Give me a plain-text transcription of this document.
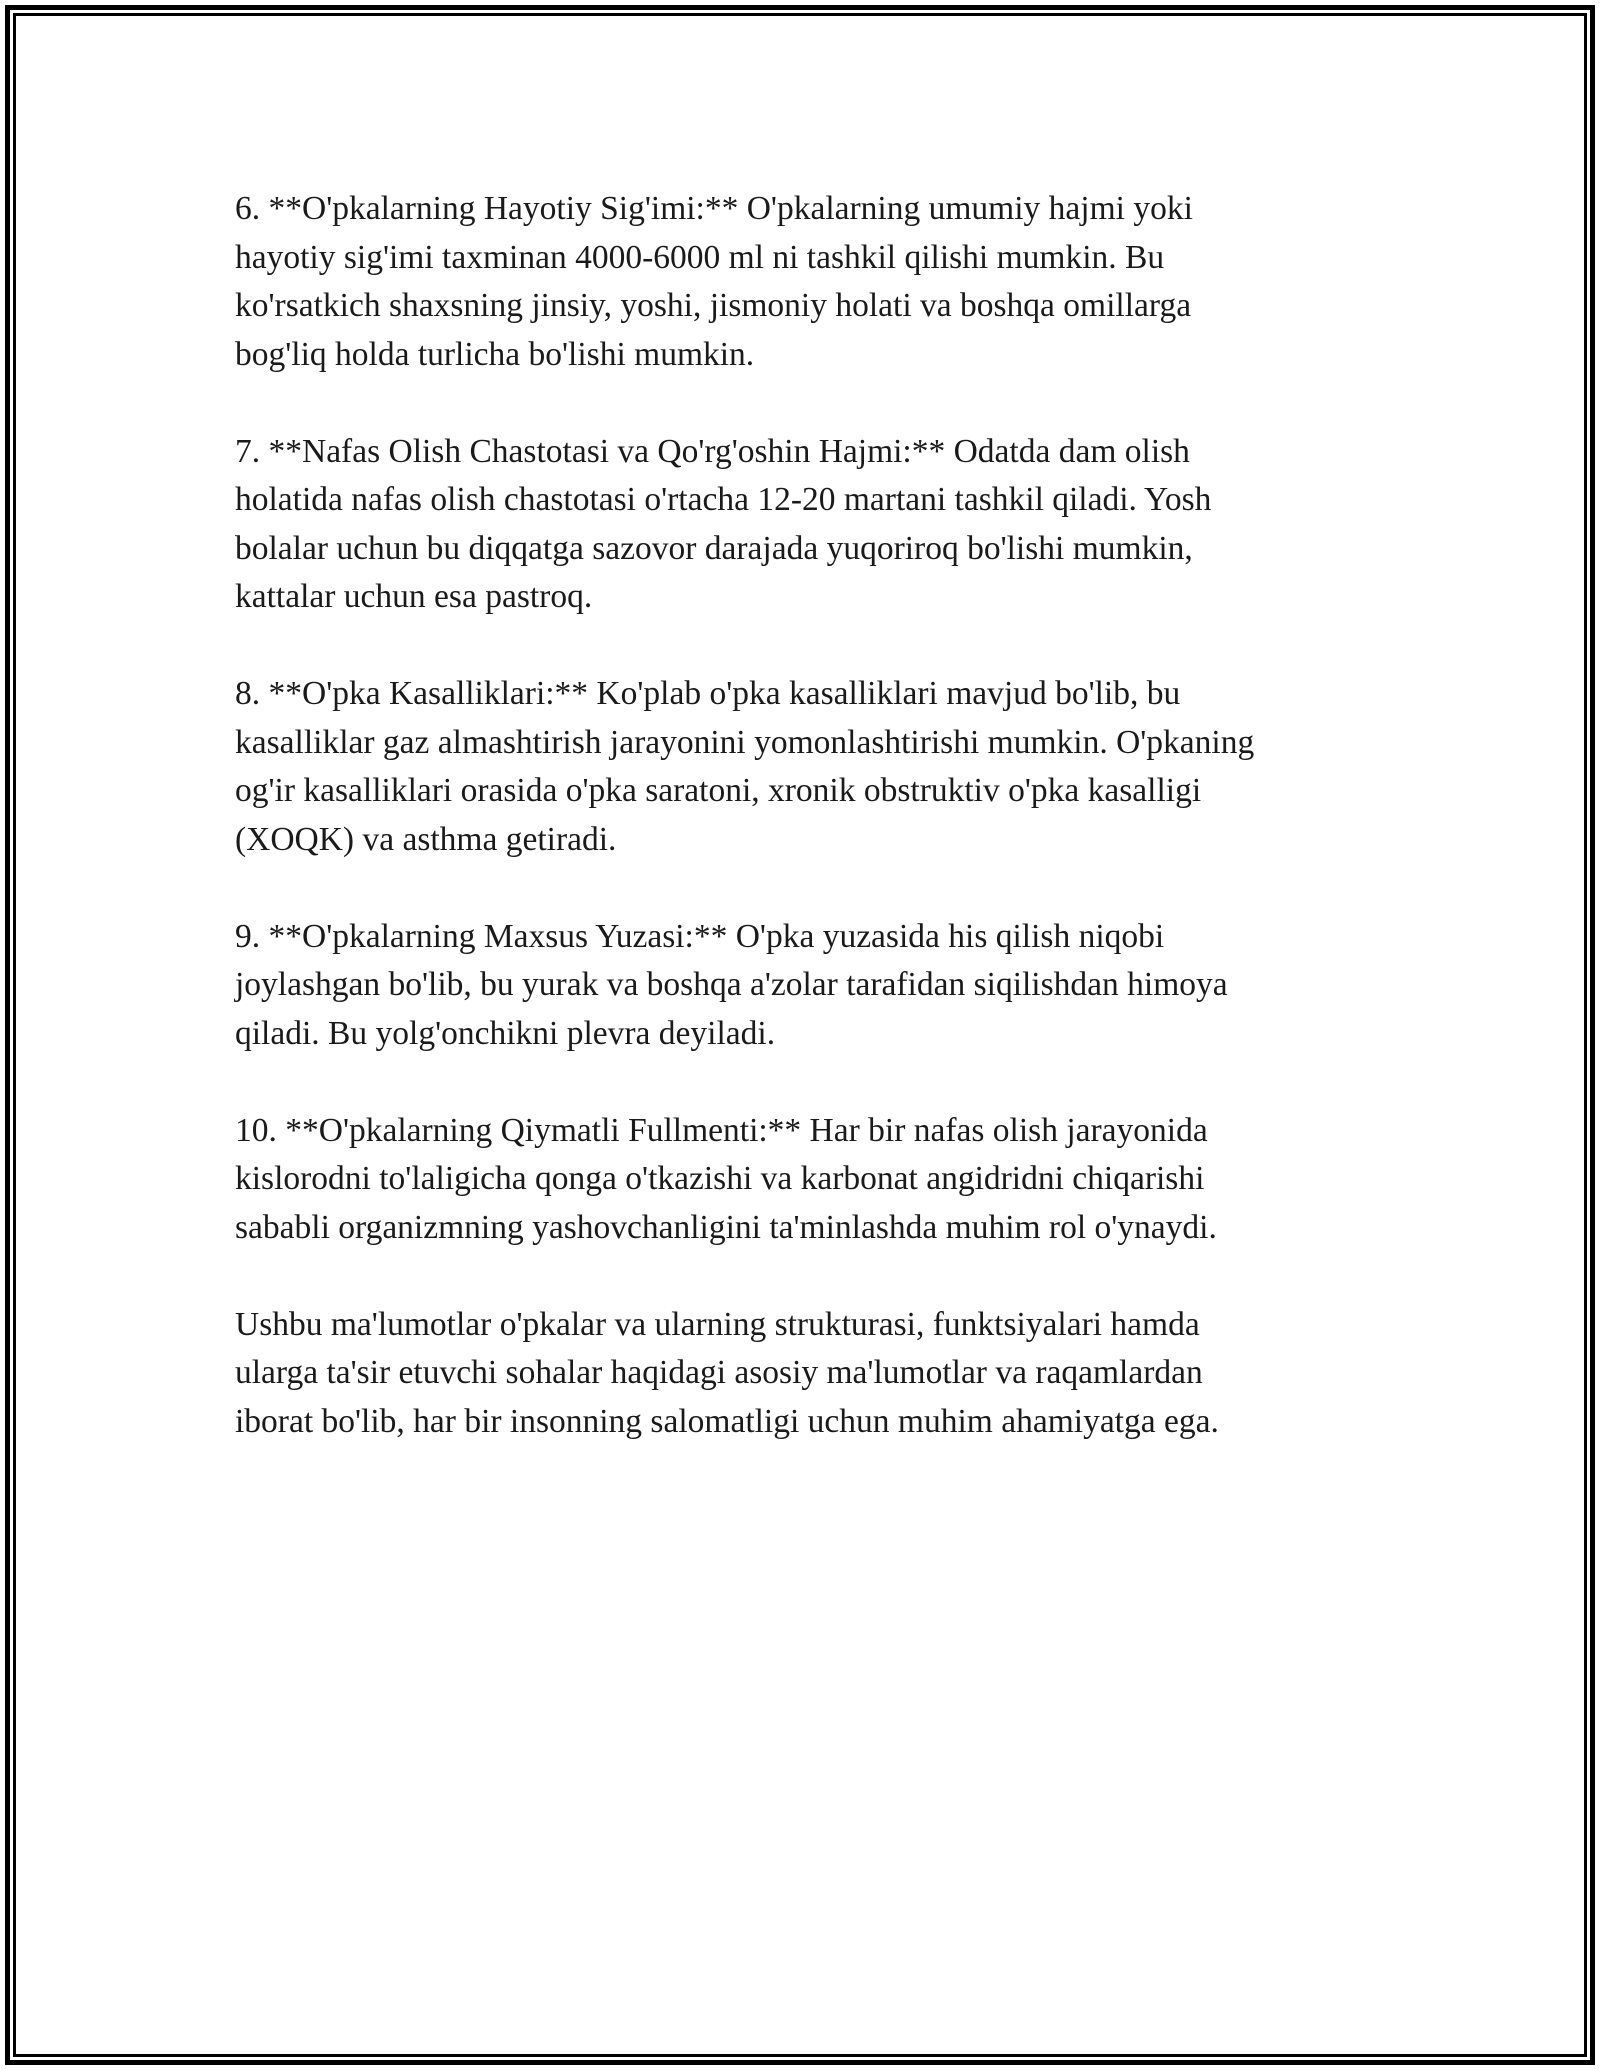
6. **O'pkalarning Hayotiy Sig'imi:** O'pkalarning umumiy hajmi yoki
hayotiy sig'imi taxminan 4000-6000 ml ni tashkil qilishi mumkin. Bu
ko'rsatkich shaxsning jinsiy, yoshi, jismoniy holati va boshqa omillarga
bog'liq holda turlicha bo'lishi mumkin.

7. **Nafas Olish Chastotasi va Qo'rg'oshin Hajmi:** Odatda dam olish
holatida nafas olish chastotasi o'rtacha 12-20 martani tashkil qiladi. Yosh
bolalar uchun bu diqqatga sazovor darajada yuqoriroq bo'lishi mumkin,
kattalar uchun esa pastroq.

8. **O'pka Kasalliklari:** Ko'plab o'pka kasalliklari mavjud bo'lib, bu
kasalliklar gaz almashtirish jarayonini yomonlashtirishi mumkin. O'pkaning
og'ir kasalliklari orasida o'pka saratoni, xronik obstruktiv o'pka kasalligi
(XOQK) va asthma getiradi.

9. **O'pkalarning Maxsus Yuzasi:** O'pka yuzasida his qilish niqobi
joylashgan bo'lib, bu yurak va boshqa a'zolar tarafidan siqilishdan himoya
qiladi. Bu yolg'onchikni plevra deyiladi.

10. **O'pkalarning Qiymatli Fullmenti:** Har bir nafas olish jarayonida
kislorodni to'laligicha qonga o'tkazishi va karbonat angidridni chiqarishi
sababli organizmning yashovchanligini ta'minlashda muhim rol o'ynaydi.

Ushbu ma'lumotlar o'pkalar va ularning strukturasi, funktsiyalari hamda
ularga ta'sir etuvchi sohalar haqidagi asosiy ma'lumotlar va raqamlardan
iborat bo'lib, har bir insonning salomatligi uchun muhim ahamiyatga ega.
